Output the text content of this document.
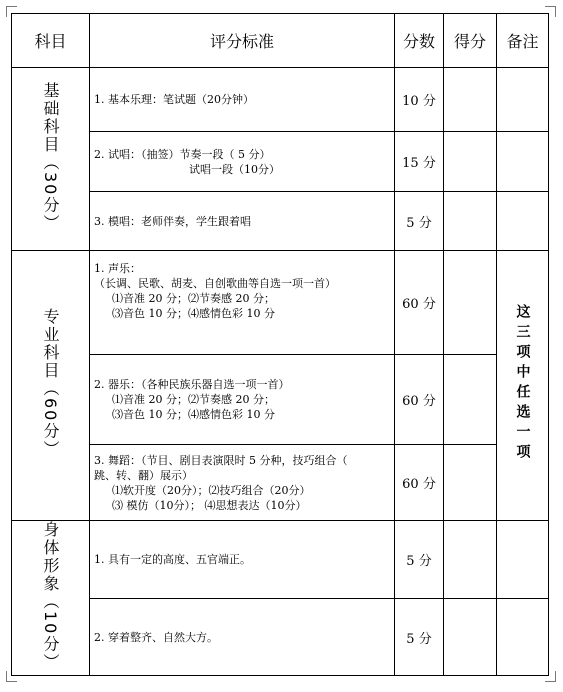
科目	评分标准	分数	得分	备注
基础科目（30分）	1. 基本乐理：笔试题（20分钟）	10 分		

	2. 试唱：（抽签）节奏一段（ 5 分）
试唱一段（10分）	15 分		

	3. 模唱：老师伴奏，学生跟着唱	5 分		
专业科目（60分）	1. 声乐：
（长调、民歌、胡麦、自创歌曲等自选一项一首）
⑴音准 20 分；⑵节奏感 20 分；
⑶音色 10 分；⑷感情色彩 10 分	60 分		这三项中任选一项

	2. 器乐：（各种民族乐器自选一项一首）
⑴音准 20 分；⑵节奏感 20 分；
⑶音色 10 分；⑷感情色彩 10 分	60 分		

	3. 舞蹈：（节目、剧目表演限时 5 分种，技巧组合（
跳、转、翻）展示）
⑴软开度（20分）；⑵技巧组合（20分）
⑶ 模仿（10分）； ⑷思想表达（10分）	60 分		
身体形象（10分）	1. 具有一定的高度、五官端正。	5 分		

	2. 穿着整齐、自然大方。	5 分		
